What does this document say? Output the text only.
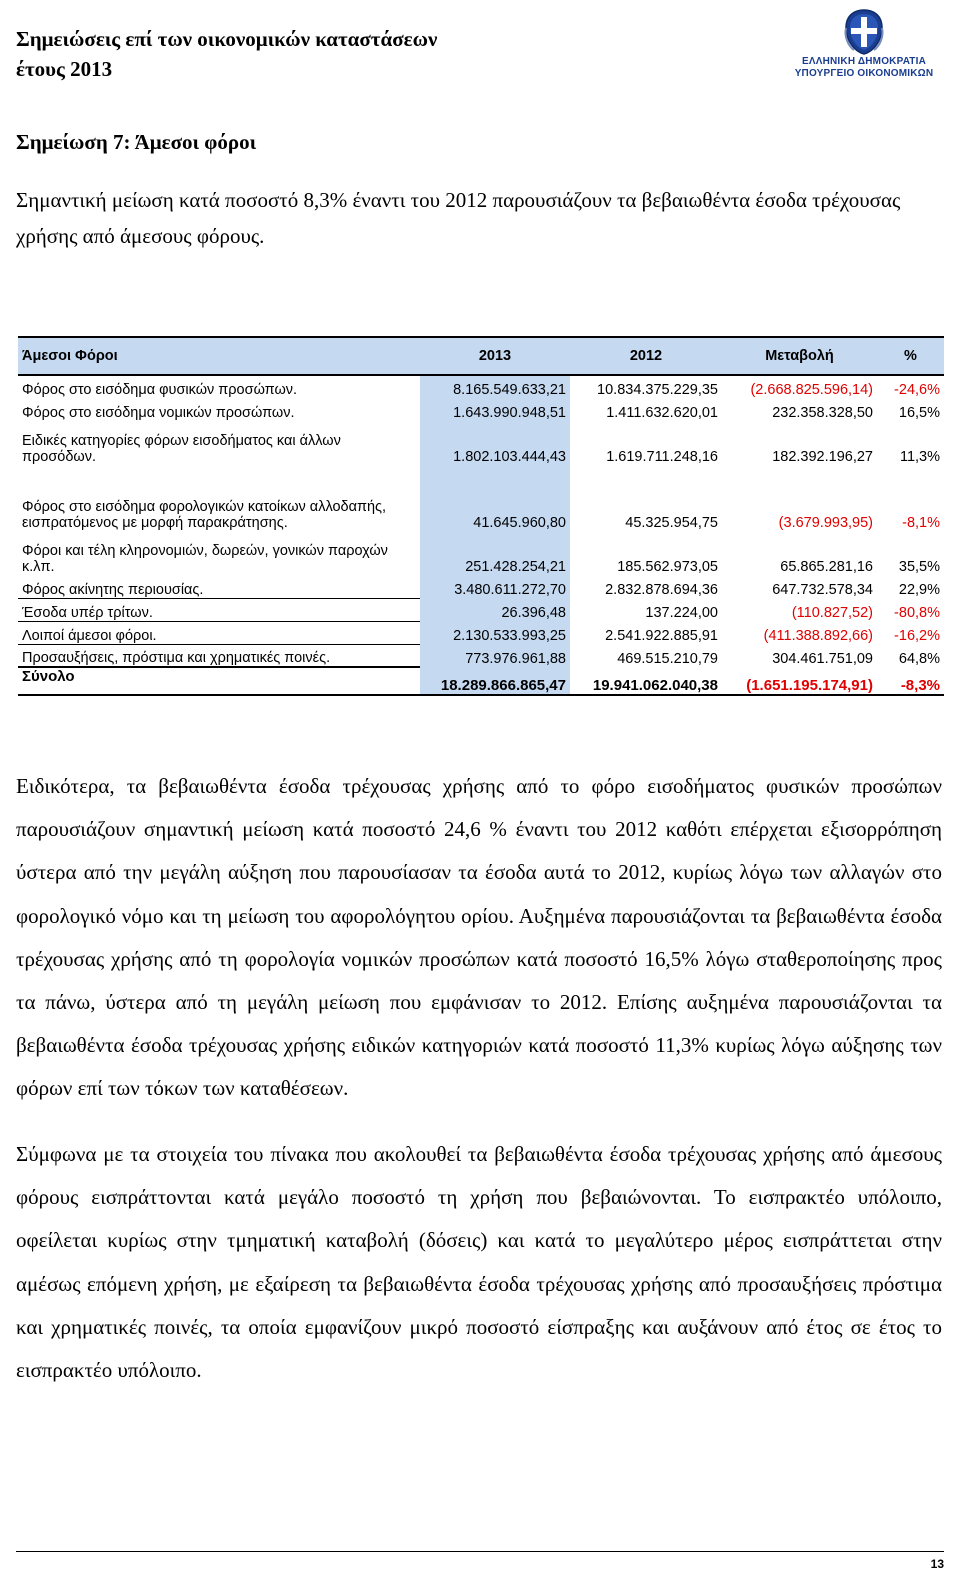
Σημειώσεις επί των οικονομικών καταστάσεων
έτους 2013	ΕΛΛΗΝΙΚΗ ΔΗΜΟΚΡΑΤΙΑ
ΥΠΟΥΡΓΕΙΟ ΟΙΚΟΝΟΜΙΚΩΝ
Σημείωση 7: Άμεσοι φόροι
Σημαντική μείωση κατά ποσοστό 8,3% έναντι του 2012 παρουσιάζουν τα βεβαιωθέντα έσοδα τρέχουσας χρήσης από άμεσους φόρους.
Άμεσοι Φόροι	2013	2012	Μεταβολή	%
Φόρος στο εισόδημα φυσικών προσώπων.	8.165.549.633,21	10.834.375.229,35	(2.668.825.596,14)	-24,6%
Φόρος στο εισόδημα νομικών προσώπων.	1.643.990.948,51	1.411.632.620,01	232.358.328,50	16,5%
Ειδικές κατηγορίες φόρων εισοδήματος και άλλων προσόδων.	1.802.103.444,43	1.619.711.248,16	182.392.196,27	11,3%
Φόρος στο εισόδημα φορολογικών κατοίκων αλλοδαπής, εισπρατόμενος με μορφή παρακράτησης.	41.645.960,80	45.325.954,75	(3.679.993,95)	-8,1%
Φόροι και τέλη κληρονομιών, δωρεών, γονικών παροχών κ.λπ.	251.428.254,21	185.562.973,05	65.865.281,16	35,5%
Φόρος ακίνητης περιουσίας.	3.480.611.272,70	2.832.878.694,36	647.732.578,34	22,9%
Έσοδα υπέρ τρίτων.	26.396,48	137.224,00	(110.827,52)	-80,8%
Λοιποί άμεσοι φόροι.	2.130.533.993,25	2.541.922.885,91	(411.388.892,66)	-16,2%
Προσαυξήσεις, πρόστιμα και χρηματικές ποινές.	773.976.961,88	469.515.210,79	304.461.751,09	64,8%
Σύνολο	18.289.866.865,47	19.941.062.040,38	(1.651.195.174,91)	-8,3%
Ειδικότερα, τα βεβαιωθέντα έσοδα τρέχουσας χρήσης από το φόρο εισοδήματος φυσικών προσώπων παρουσιάζουν σημαντική μείωση κατά ποσοστό 24,6 % έναντι του 2012 καθότι επέρχεται εξισορρόπηση ύστερα από την μεγάλη αύξηση που παρουσίασαν τα έσοδα αυτά το 2012, κυρίως λόγω των αλλαγών στο φορολογικό νόμο και τη μείωση του αφορολόγητου ορίου. Αυξημένα παρουσιάζονται τα βεβαιωθέντα έσοδα τρέχουσας χρήσης από τη φορολογία νομικών προσώπων κατά ποσοστό 16,5% λόγω σταθεροποίησης προς τα πάνω, ύστερα από τη μεγάλη μείωση που εμφάνισαν το 2012. Επίσης αυξημένα παρουσιάζονται τα βεβαιωθέντα έσοδα τρέχουσας χρήσης ειδικών κατηγοριών κατά ποσοστό 11,3% κυρίως λόγω αύξησης των φόρων επί των τόκων των καταθέσεων.
Σύμφωνα με τα στοιχεία του πίνακα που ακολουθεί τα βεβαιωθέντα έσοδα τρέχουσας χρήσης από άμεσους φόρους εισπράττονται κατά μεγάλο ποσοστό τη χρήση που βεβαιώνονται. Το εισπρακτέο υπόλοιπο, οφείλεται κυρίως στην τμηματική καταβολή (δόσεις) και κατά το μεγαλύτερο μέρος εισπράττεται στην αμέσως επόμενη χρήση, με εξαίρεση τα βεβαιωθέντα έσοδα τρέχουσας χρήσης από προσαυξήσεις πρόστιμα και χρηματικές ποινές, τα οποία εμφανίζουν μικρό ποσοστό είσπραξης και αυξάνουν από έτος σε έτος το εισπρακτέο υπόλοιπο.
13
